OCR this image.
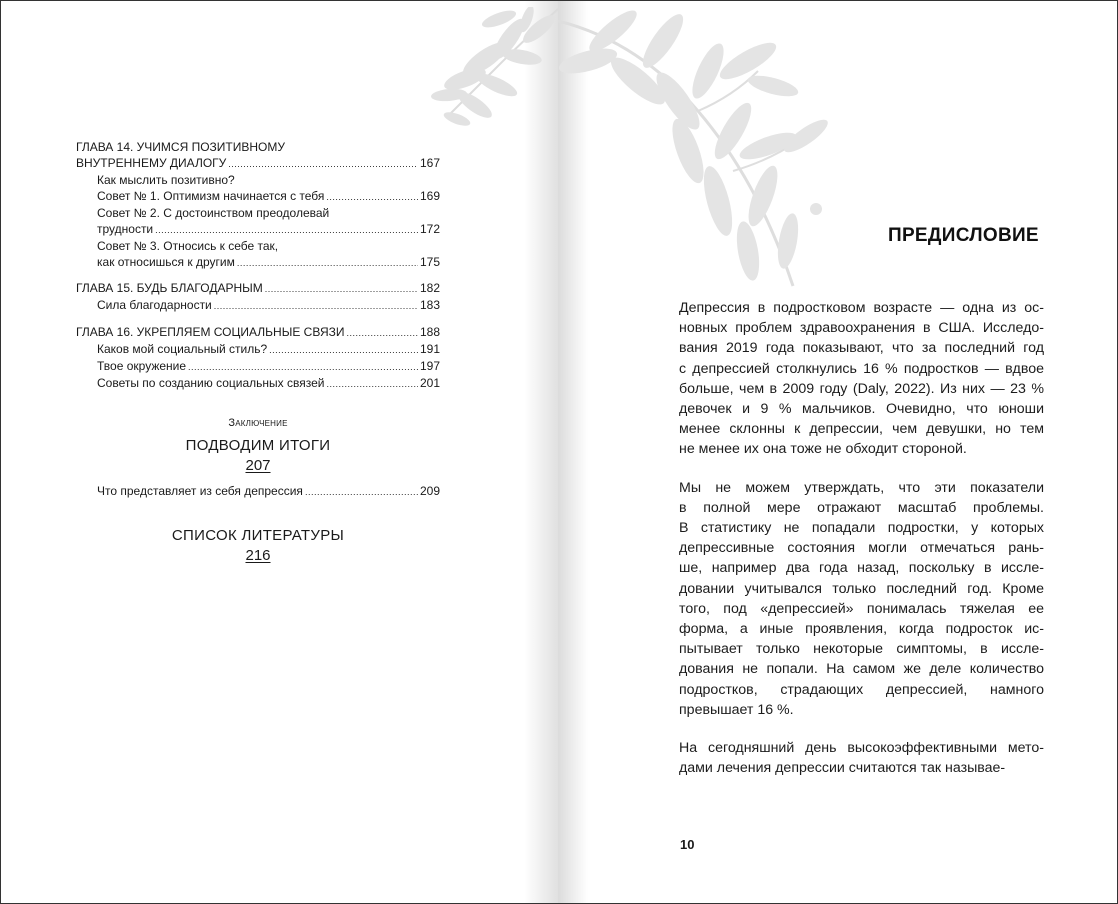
ГЛАВА 14. УЧИМСЯ ПОЗИТИВНОМУ
ВНУТРЕННЕМУ ДИАЛОГУ .....	167
Как мыслить позитивно?
Совет № 1. Оптимизм начинается с тебя .....	169
Совет № 2. С достоинством преодолевай
трудности .....	172
Совет № 3. Относись к себе так,
как относишься к другим .....	175
ГЛАВА 15. БУДЬ БЛАГОДАРНЫМ .....	182
Сила благодарности .....	183
ГЛАВА 16. УКРЕПЛЯЕМ СОЦИАЛЬНЫЕ СВЯЗИ .....	188
Каков мой социальный стиль? .....	191
Твое окружение .....	197
Советы по созданию социальных связей .....	201
Заключение
ПОДВОДИМ ИТОГИ
207
Что представляет из себя депрессия .....	209
СПИСОК ЛИТЕРАТУРЫ
216
ПРЕДИСЛОВИЕ

Депрессия в подростковом возрасте — одна из ос-
новных проблем здравоохранения в США. Исследо-
вания 2019 года показывают, что за последний год
с депрессией столкнулись 16 % подростков — вдвое
больше, чем в 2009 году (Daly, 2022). Из них — 23 %
девочек и 9 % мальчиков. Очевидно, что юноши
менее склонны к депрессии, чем девушки, но тем
не менее их она тоже не обходит стороной.

Мы не можем утверждать, что эти показатели
в полной мере отражают масштаб проблемы.
В статистику не попадали подростки, у которых
депрессивные состояния могли отмечаться рань-
ше, например два года назад, поскольку в иссле-
довании учитывался только последний год. Кроме
того, под «депрессией» понималась тяжелая ее
форма, а иные проявления, когда подросток ис-
пытывает только некоторые симптомы, в иссле-
дования не попали. На самом же деле количество
подростков, страдающих депрессией, намного
превышает 16 %.

На сегодняшний день высокоэффективными мето-
дами лечения депрессии считаются так называе-

10
